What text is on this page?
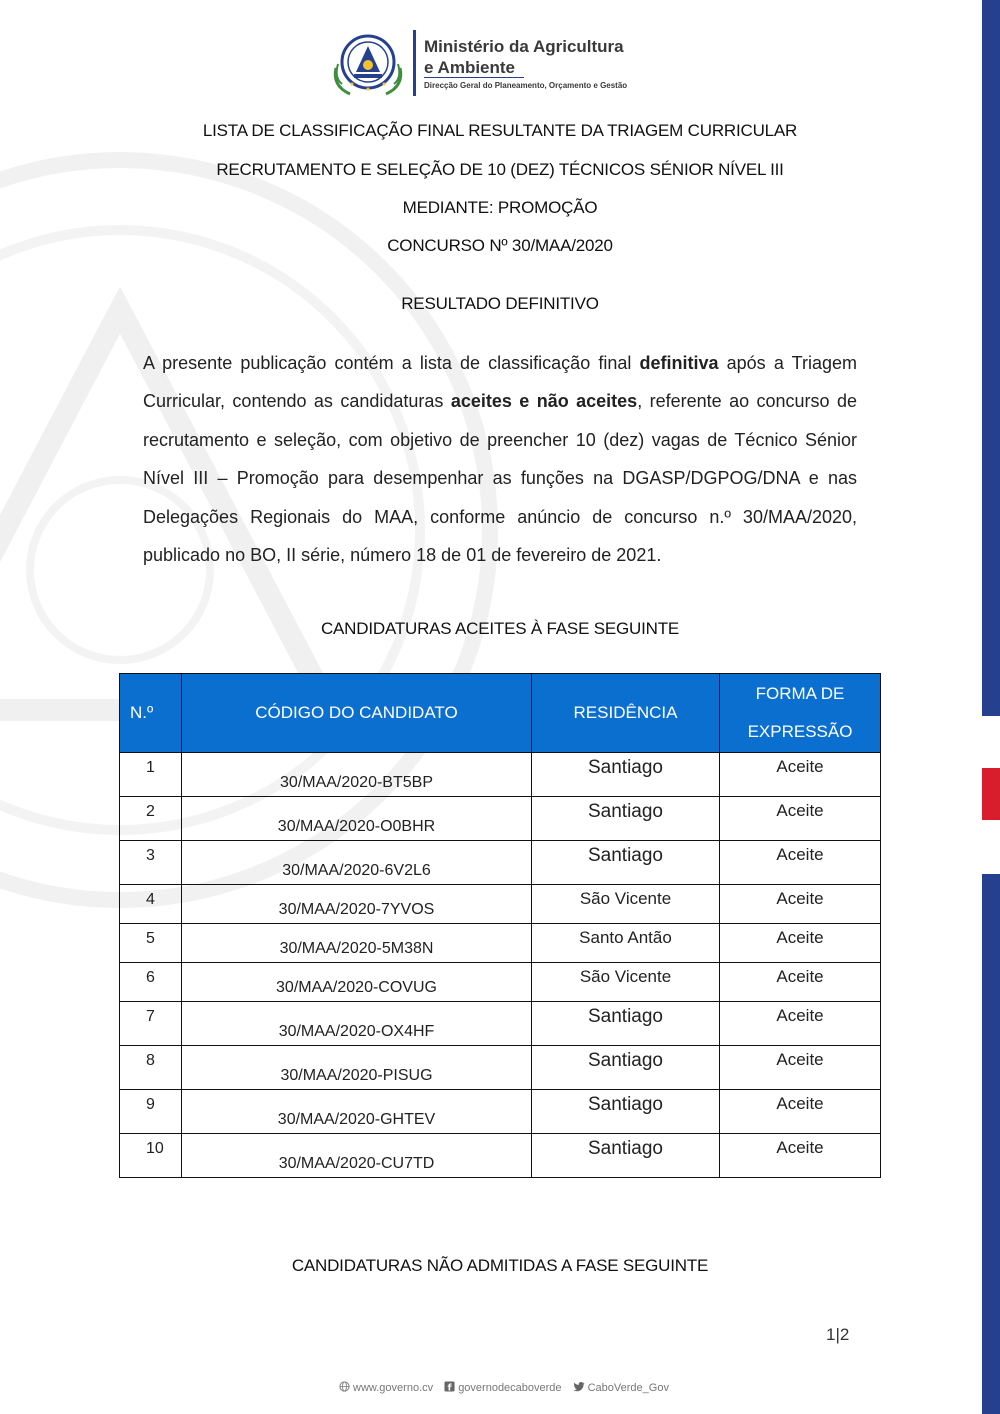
Ministério da Agricultura
e Ambiente
Direcção Geral do Planeamento, Orçamento e Gestão
LISTA DE CLASSIFICAÇÃO FINAL RESULTANTE DA TRIAGEM CURRICULAR
RECRUTAMENTO E SELEÇÃO DE 10 (DEZ) TÉCNICOS SÉNIOR NÍVEL III
MEDIANTE: PROMOÇÃO
CONCURSO Nº 30/MAA/2020
RESULTADO DEFINITIVO
A presente publicação contém a lista de classificação final definitiva após a Triagem Curricular, contendo as candidaturas aceites e não aceites, referente ao concurso de recrutamento e seleção, com objetivo de preencher 10 (dez) vagas de Técnico Sénior Nível III – Promoção para desempenhar as funções na DGASP/DGPOG/DNA e nas Delegações Regionais do MAA, conforme anúncio de concurso n.º 30/MAA/2020, publicado no BO, II série, número 18 de 01 de fevereiro de 2021.
CANDIDATURAS ACEITES À FASE SEGUINTE
N.º	CÓDIGO DO CANDIDATO	RESIDÊNCIA	FORMA DE EXPRESSÃO
1	30/MAA/2020-BT5BP	Santiago	Aceite
2	30/MAA/2020-O0BHR	Santiago	Aceite
3	30/MAA/2020-6V2L6	Santiago	Aceite
4	30/MAA/2020-7YVOS	São Vicente	Aceite
5	30/MAA/2020-5M38N	Santo Antão	Aceite
6	30/MAA/2020-COVUG	São Vicente	Aceite
7	30/MAA/2020-OX4HF	Santiago	Aceite
8	30/MAA/2020-PISUG	Santiago	Aceite
9	30/MAA/2020-GHTEV	Santiago	Aceite
10	30/MAA/2020-CU7TD	Santiago	Aceite
CANDIDATURAS NÃO ADMITIDAS A FASE SEGUINTE
1|2
www.governo.cv f governodecaboverde CaboVerde_Gov
